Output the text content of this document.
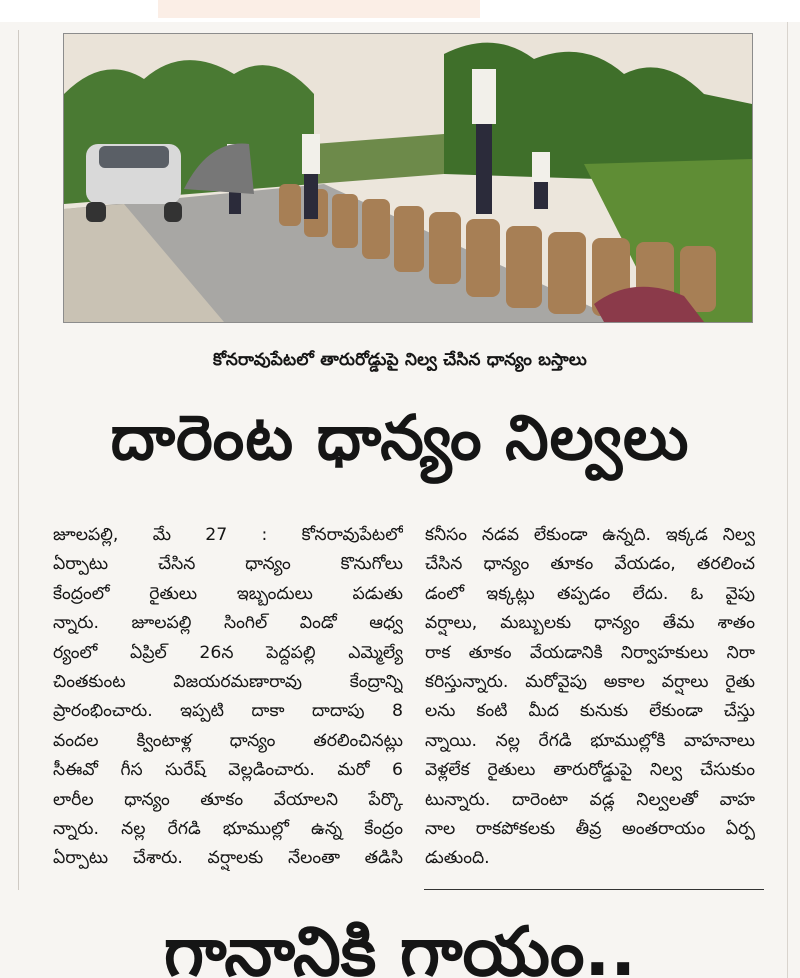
కోనరావుపేటలో తారురోడ్డుపై నిల్వ చేసిన ధాన్యం బస్తాలు
దారెంట ధాన్యం నిల్వలు
జూలపల్లి, మే 27 : కోనరావుపేటలో
ఏర్పాటు చేసిన ధాన్యం కొనుగోలు
కేంద్రంలో రైతులు ఇబ్బందులు పడుతు
న్నారు. జూలపల్లి సింగిల్ విండో ఆధ్వ
ర్యంలో ఏప్రిల్ 26న పెద్దపల్లి ఎమ్మెల్యే
చింతకుంట విజయరమణారావు కేంద్రాన్ని
ప్రారంభించారు. ఇప్పటి దాకా దాదాపు 8
వందల క్వింటాళ్ల ధాన్యం తరలించినట్లు
సీఈవో గీస సురేష్ వెల్లడించారు. మరో 6
లారీల ధాన్యం తూకం వేయాలని పేర్కొ
న్నారు. నల్ల రేగడి భూముల్లో ఉన్న కేంద్రం
ఏర్పాటు చేశారు. వర్షాలకు నేలంతా తడిసి
కనీసం నడవ లేకుండా ఉన్నది. ఇక్కడ నిల్వ
చేసిన ధాన్యం తూకం వేయడం, తరలించ
డంలో ఇక్కట్లు తప్పడం లేదు. ఓ వైపు
వర్షాలు, మబ్బులకు ధాన్యం తేమ శాతం
రాక తూకం వేయడానికి నిర్వాహకులు నిరా
కరిస్తున్నారు. మరోవైపు అకాల వర్షాలు రైతు
లను కంటి మీద కునుకు లేకుండా చేస్తు
న్నాయి. నల్ల రేగడి భూముల్లోకి వాహనాలు
వెళ్లలేక రైతులు తారురోడ్డుపై నిల్వ చేసుకుం
టున్నారు. దారెంటా వడ్ల నిల్వలతో వాహ
నాల రాకపోకలకు తీవ్ర అంతరాయం ఏర్ప
డుతుంది.
గానానికి గాయం..
